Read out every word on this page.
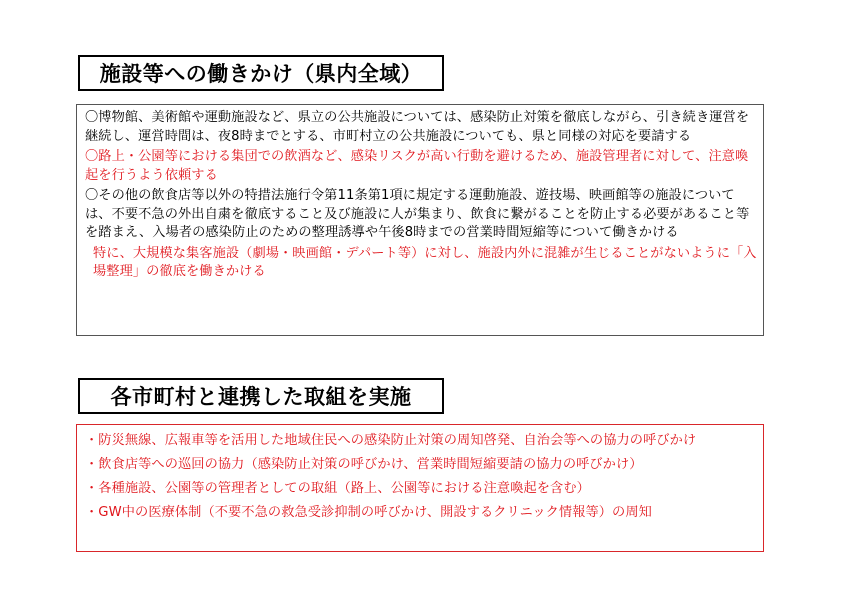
施設等への働きかけ（県内全域）

〇博物館、美術館や運動施設など、県立の公共施設については、感染防止対策を徹底しながら、引き続き運営を継続し、運営時間は、夜8時までとする、市町村立の公共施設についても、県と同様の対応を要請する

〇路上・公園等における集団での飲酒など、感染リスクが高い行動を避けるため、施設管理者に対して、注意喚起を行うよう依頼する

〇その他の飲食店等以外の特措法施行令第11条第1項に規定する運動施設、遊技場、映画館等の施設については、不要不急の外出自粛を徹底すること及び施設に人が集まり、飲食に繋がることを防止する必要があること等を踏まえ、入場者の感染防止のための整理誘導や午後8時までの営業時間短縮等について働きかける

特に、大規模な集客施設（劇場・映画館・デパート等）に対し、施設内外に混雑が生じることがないように「入場整理」の徹底を働きかける

各市町村と連携した取組を実施

・防災無線、広報車等を活用した地域住民への感染防止対策の周知啓発、自治会等への協力の呼びかけ

・飲食店等への巡回の協力（感染防止対策の呼びかけ、営業時間短縮要請の協力の呼びかけ）

・各種施設、公園等の管理者としての取組（路上、公園等における注意喚起を含む）

・GW中の医療体制（不要不急の救急受診抑制の呼びかけ、開設するクリニック情報等）の周知
